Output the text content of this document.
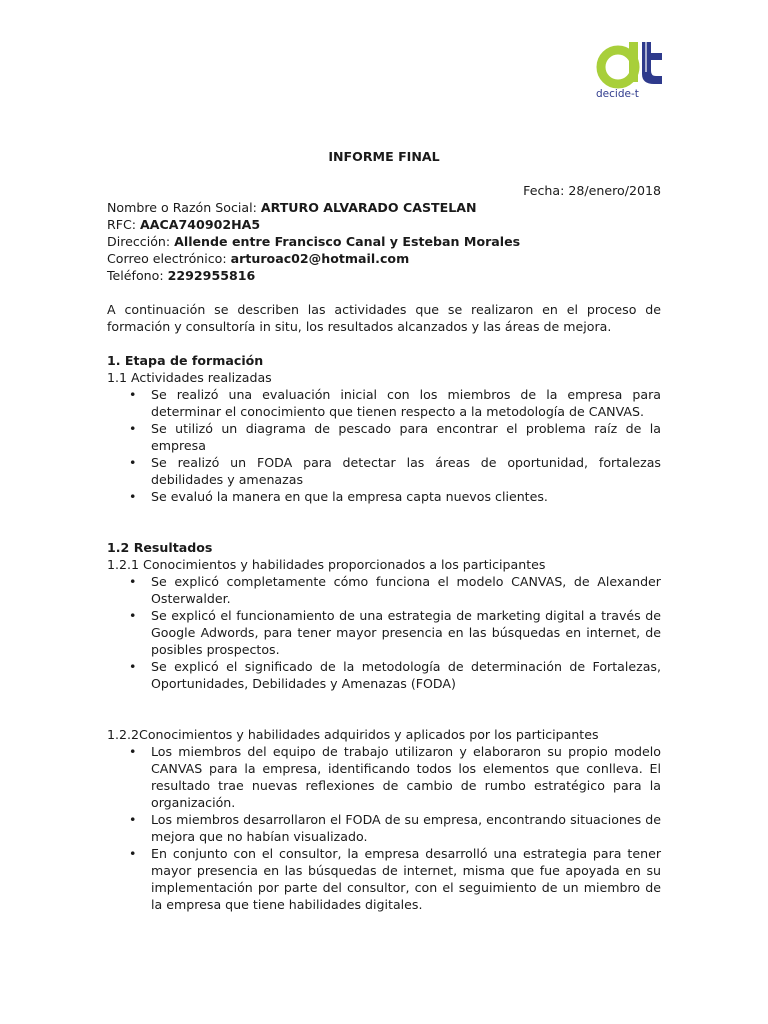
decide-t

INFORME FINAL

Fecha: 28/enero/2018

Nombre o Razón Social: ARTURO ALVARADO CASTELAN

RFC: AACA740902HA5

Dirección: Allende entre Francisco Canal y Esteban Morales

Correo electrónico: arturoac02@hotmail.com

Teléfono: 2292955816

A continuación se describen las actividades que se realizaron en el proceso de formación y consultoría in situ, los resultados alcanzados y las áreas de mejora.

1. Etapa de formación

1.1 Actividades realizadas

• Se realizó una evaluación inicial con los miembros de la empresa para determinar el conocimiento que tienen respecto a la metodología de CANVAS.
• Se utilizó un diagrama de pescado para encontrar el problema raíz de la empresa
• Se realizó un FODA para detectar las áreas de oportunidad, fortalezas debilidades y amenazas
• Se evaluó la manera en que la empresa capta nuevos clientes.

1.2 Resultados

1.2.1 Conocimientos y habilidades proporcionados a los participantes

• Se explicó completamente cómo funciona el modelo CANVAS, de Alexander Osterwalder.
• Se explicó el funcionamiento de una estrategia de marketing digital a través de Google Adwords, para tener mayor presencia en las búsquedas en internet, de posibles prospectos.
• Se explicó el significado de la metodología de determinación de Fortalezas, Oportunidades, Debilidades y Amenazas (FODA)

1.2.2Conocimientos y habilidades adquiridos y aplicados por los participantes

• Los miembros del equipo de trabajo utilizaron y elaboraron su propio modelo CANVAS para la empresa, identificando todos los elementos que conlleva. El resultado trae nuevas reflexiones de cambio de rumbo estratégico para la organización.
• Los miembros desarrollaron el FODA de su empresa, encontrando situaciones de mejora que no habían visualizado.
• En conjunto con el consultor, la empresa desarrolló una estrategia para tener mayor presencia en las búsquedas de internet, misma que fue apoyada en su implementación por parte del consultor, con el seguimiento de un miembro de la empresa que tiene habilidades digitales.
